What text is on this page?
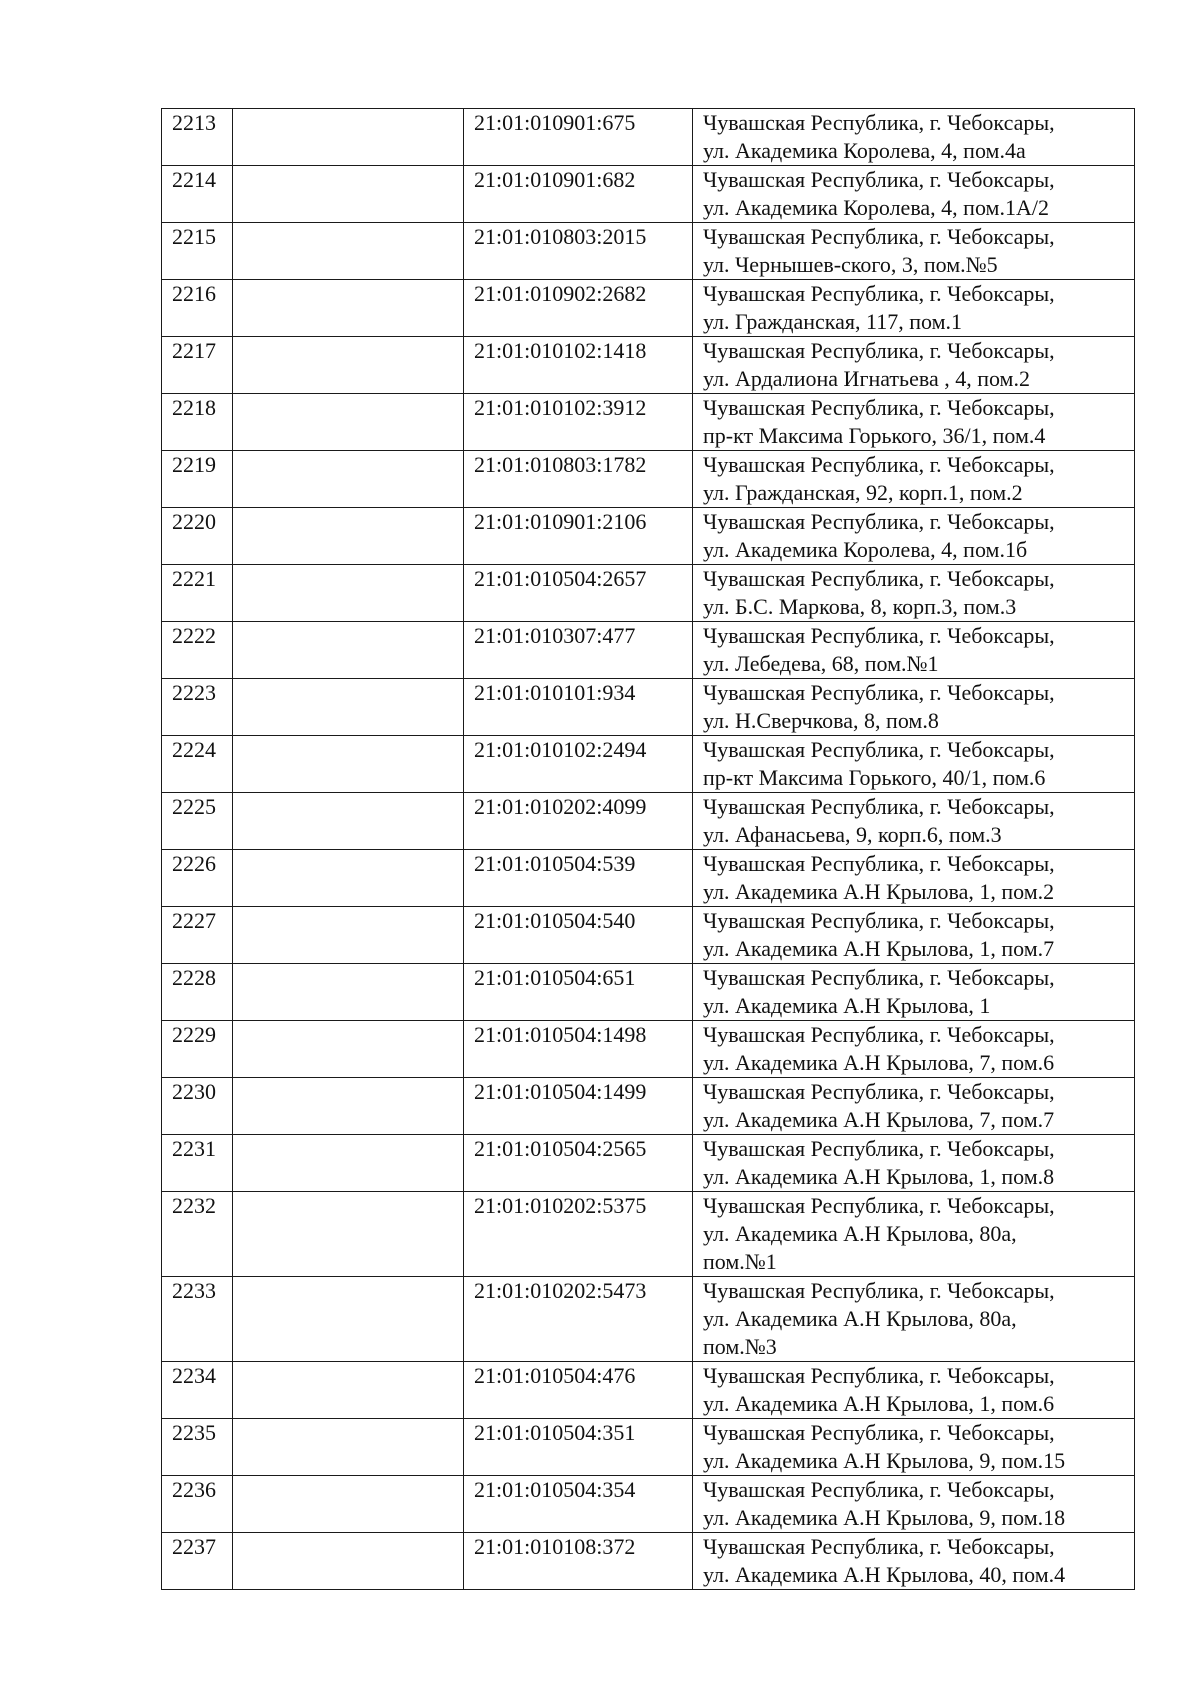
2213		21:01:010901:675	Чувашская Республика, г. Чебоксары,
ул. Академика Королева, 4, пом.4а

2214		21:01:010901:682	Чувашская Республика, г. Чебоксары,
ул. Академика Королева, 4, пом.1А/2

2215		21:01:010803:2015	Чувашская Республика, г. Чебоксары,
ул. Чернышев-ского, 3, пом.№5

2216		21:01:010902:2682	Чувашская Республика, г. Чебоксары,
ул. Гражданская, 117, пом.1

2217		21:01:010102:1418	Чувашская Республика, г. Чебоксары,
ул. Ардалиона Игнатьева , 4, пом.2

2218		21:01:010102:3912	Чувашская Республика, г. Чебоксары,
пр-кт Максима Горького, 36/1, пом.4

2219		21:01:010803:1782	Чувашская Республика, г. Чебоксары,
ул. Гражданская, 92, корп.1, пом.2

2220		21:01:010901:2106	Чувашская Республика, г. Чебоксары,
ул. Академика Королева, 4, пом.1б

2221		21:01:010504:2657	Чувашская Республика, г. Чебоксары,
ул. Б.С. Маркова, 8, корп.3, пом.3

2222		21:01:010307:477	Чувашская Республика, г. Чебоксары,
ул. Лебедева, 68, пом.№1

2223		21:01:010101:934	Чувашская Республика, г. Чебоксары,
ул. Н.Сверчкова, 8, пом.8

2224		21:01:010102:2494	Чувашская Республика, г. Чебоксары,
пр-кт Максима Горького, 40/1, пом.6

2225		21:01:010202:4099	Чувашская Республика, г. Чебоксары,
ул. Афанасьева, 9, корп.6, пом.3

2226		21:01:010504:539	Чувашская Республика, г. Чебоксары,
ул. Академика А.Н Крылова, 1, пом.2

2227		21:01:010504:540	Чувашская Республика, г. Чебоксары,
ул. Академика А.Н Крылова, 1, пом.7

2228		21:01:010504:651	Чувашская Республика, г. Чебоксары,
ул. Академика А.Н Крылова, 1

2229		21:01:010504:1498	Чувашская Республика, г. Чебоксары,
ул. Академика А.Н Крылова, 7, пом.6

2230		21:01:010504:1499	Чувашская Республика, г. Чебоксары,
ул. Академика А.Н Крылова, 7, пом.7

2231		21:01:010504:2565	Чувашская Республика, г. Чебоксары,
ул. Академика А.Н Крылова, 1, пом.8

2232		21:01:010202:5375	Чувашская Республика, г. Чебоксары,
ул. Академика А.Н Крылова, 80а,
пом.№1

2233		21:01:010202:5473	Чувашская Республика, г. Чебоксары,
ул. Академика А.Н Крылова, 80а,
пом.№3

2234		21:01:010504:476	Чувашская Республика, г. Чебоксары,
ул. Академика А.Н Крылова, 1, пом.6

2235		21:01:010504:351	Чувашская Республика, г. Чебоксары,
ул. Академика А.Н Крылова, 9, пом.15

2236		21:01:010504:354	Чувашская Республика, г. Чебоксары,
ул. Академика А.Н Крылова, 9, пом.18

2237		21:01:010108:372	Чувашская Республика, г. Чебоксары,
ул. Академика А.Н Крылова, 40, пом.4
